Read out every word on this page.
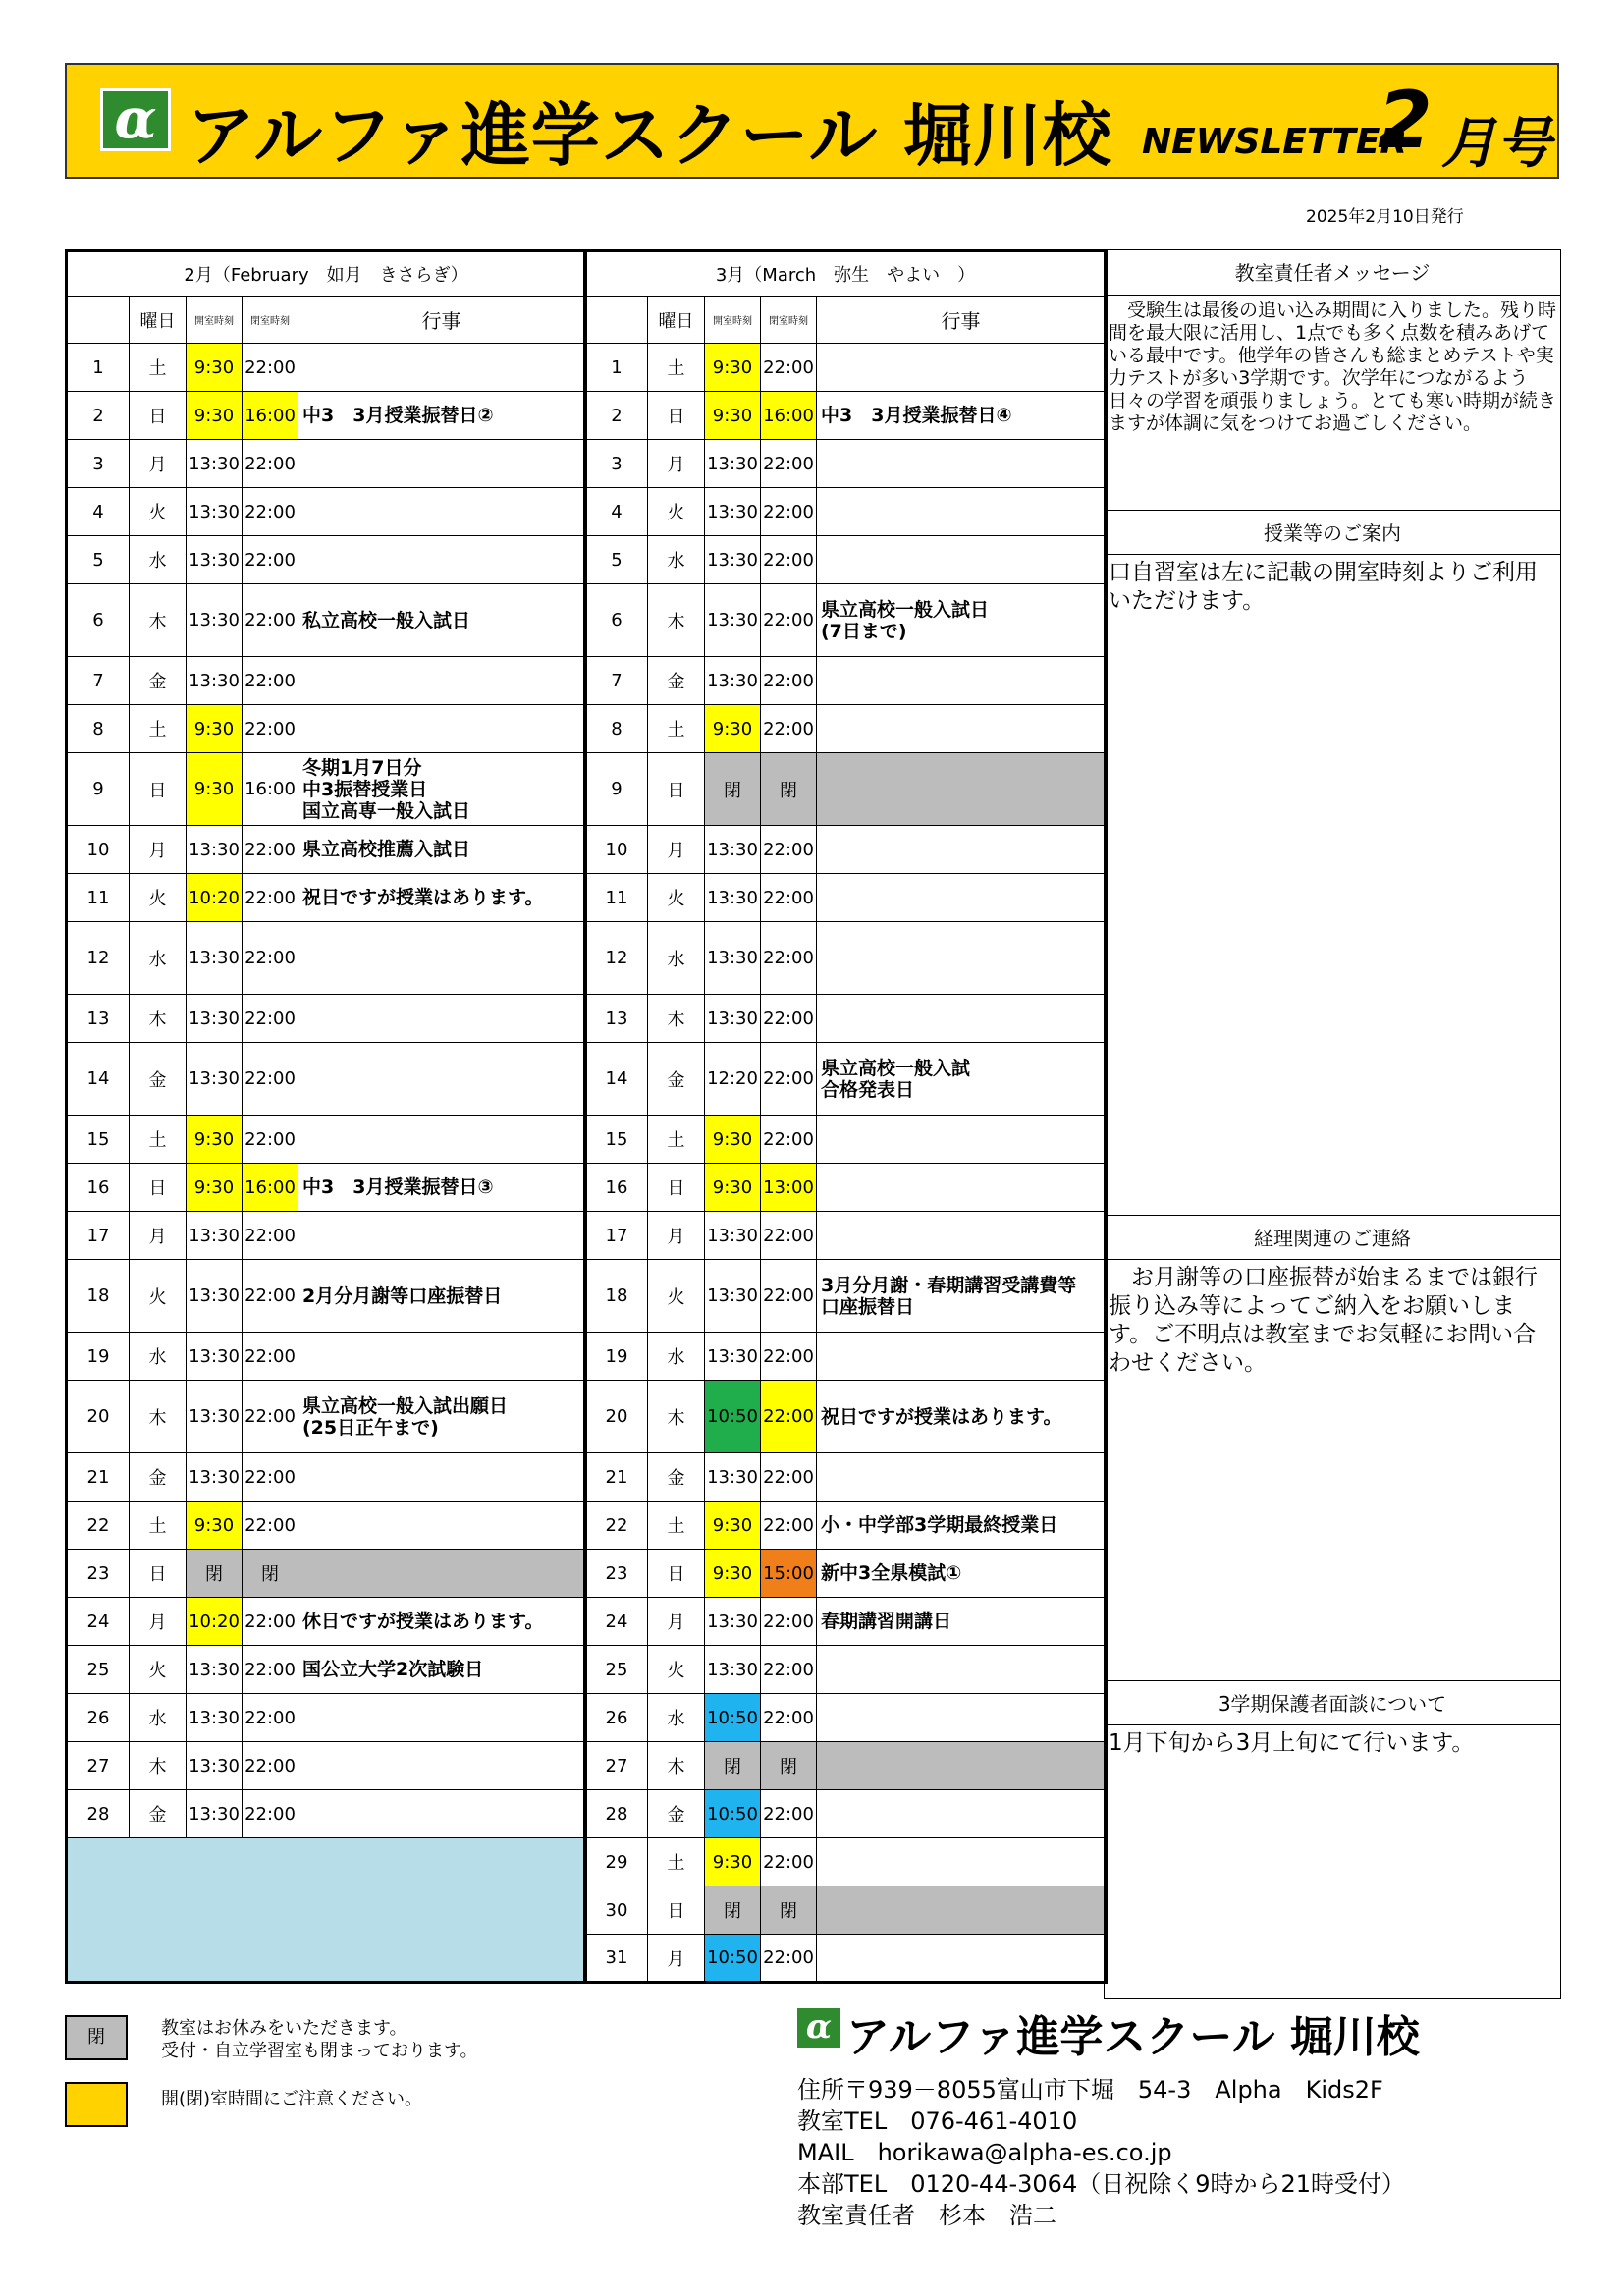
α アルファ進学スクール 堀川校 NEWSLETTER
2 月号
2025年2月10日発行
2月（February　如月　きさらぎ）				
	曜日	開室時刻	閉室時刻	行事
1	土	9:30	22:00	
2	日	9:30	16:00	中3　3月授業振替日②
3	月	13:30	22:00	
4	火	13:30	22:00	
5	水	13:30	22:00	
6	木	13:30	22:00	私立高校一般入試日
7	金	13:30	22:00	
8	土	9:30	22:00	
9	日	9:30	16:00	冬期1月7日分
中3振替授業日
国立高専一般入試日
10	月	13:30	22:00	県立高校推薦入試日
11	火	10:20	22:00	祝日ですが授業はあります。
12	水	13:30	22:00	
13	木	13:30	22:00	
14	金	13:30	22:00	
15	土	9:30	22:00	
16	日	9:30	16:00	中3　3月授業振替日③
17	月	13:30	22:00	
18	火	13:30	22:00	2月分月謝等口座振替日
19	水	13:30	22:00	
20	木	13:30	22:00	県立高校一般入試出願日
(25日正午まで)
21	金	13:30	22:00	
22	土	9:30	22:00	
23	日	閉	閉	
24	月	10:20	22:00	休日ですが授業はあります。
25	火	13:30	22:00	国公立大学2次試験日
26	水	13:30	22:00	
27	木	13:30	22:00	
28	金	13:30	22:00	

3月（March　弥生　やよい　）				
	曜日	開室時刻	閉室時刻	行事
1	土	9:30	22:00	
2	日	9:30	16:00	中3　3月授業振替日④
3	月	13:30	22:00	
4	火	13:30	22:00	
5	水	13:30	22:00	
6	木	13:30	22:00	県立高校一般入試日
(7日まで)
7	金	13:30	22:00	
8	土	9:30	22:00	
9	日	閉	閉	
10	月	13:30	22:00	
11	火	13:30	22:00	
12	水	13:30	22:00	
13	木	13:30	22:00	
14	金	12:20	22:00	県立高校一般入試
合格発表日
15	土	9:30	22:00	
16	日	9:30	13:00	
17	月	13:30	22:00	
18	火	13:30	22:00	3月分月謝・春期講習受講費等
口座振替日
19	水	13:30	22:00	
20	木	10:50	22:00	祝日ですが授業はあります。
21	金	13:30	22:00	
22	土	9:30	22:00	小・中学部3学期最終授業日
23	日	9:30	15:00	新中3全県模試①
24	月	13:30	22:00	春期講習開講日
25	火	13:30	22:00	
26	水	10:50	22:00	
27	木	閉	閉	
28	金	10:50	22:00	
29	土	9:30	22:00	
30	日	閉	閉	
31	月	10:50	22:00	
教室責任者メッセージ
　受験生は最後の追い込み期間に入りました。残り時間を最大限に活用し、1点でも多く点数を積みあげている最中です。他学年の皆さんも総まとめテストや実力テストが多い3学期です。次学年につながるよう日々の学習を頑張りましょう。とても寒い時期が続きますが体調に気をつけてお過ごしください。
授業等のご案内
口自習室は左に記載の開室時刻よりご利用いただけます。
経理関連のご連絡
　お月謝等の口座振替が始まるまでは銀行振り込み等によってご納入をお願いします。ご不明点は教室までお気軽にお問い合わせください。
3学期保護者面談について
1月下旬から3月上旬にて行います。
閉	教室はお休みをいただきます。
受付・自立学習室も閉まっております。
開(閉)室時間にご注意ください。
α アルファ進学スクール 堀川校
住所〒939－8055富山市下堀　54-3　Alpha　Kids2F
教室TEL　076-461-4010
MAIL　horikawa@alpha-es.co.jp
本部TEL　0120-44-3064（日祝除く9時から21時受付）
教室責任者　杉本　浩二
